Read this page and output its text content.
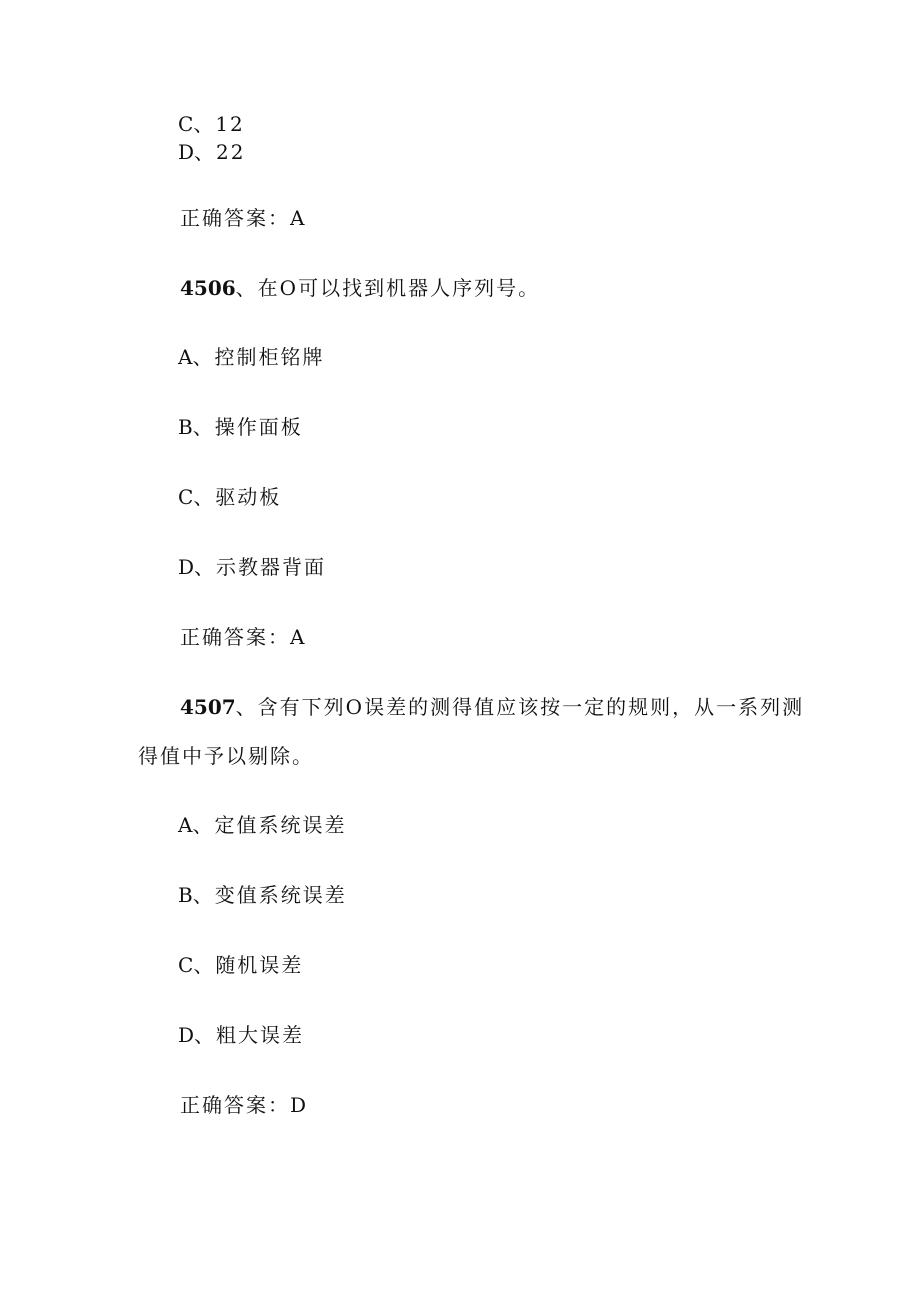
C、12
D、22
正确答案：A
4506、在O可以找到机器人序列号。
A、控制柜铭牌
B、操作面板
C、驱动板
D、示教器背面
正确答案：A
4507、含有下列O误差的测得值应该按一定的规则，从一系列测
得值中予以剔除。
A、定值系统误差
B、变值系统误差
C、随机误差
D、粗大误差
正确答案：D
